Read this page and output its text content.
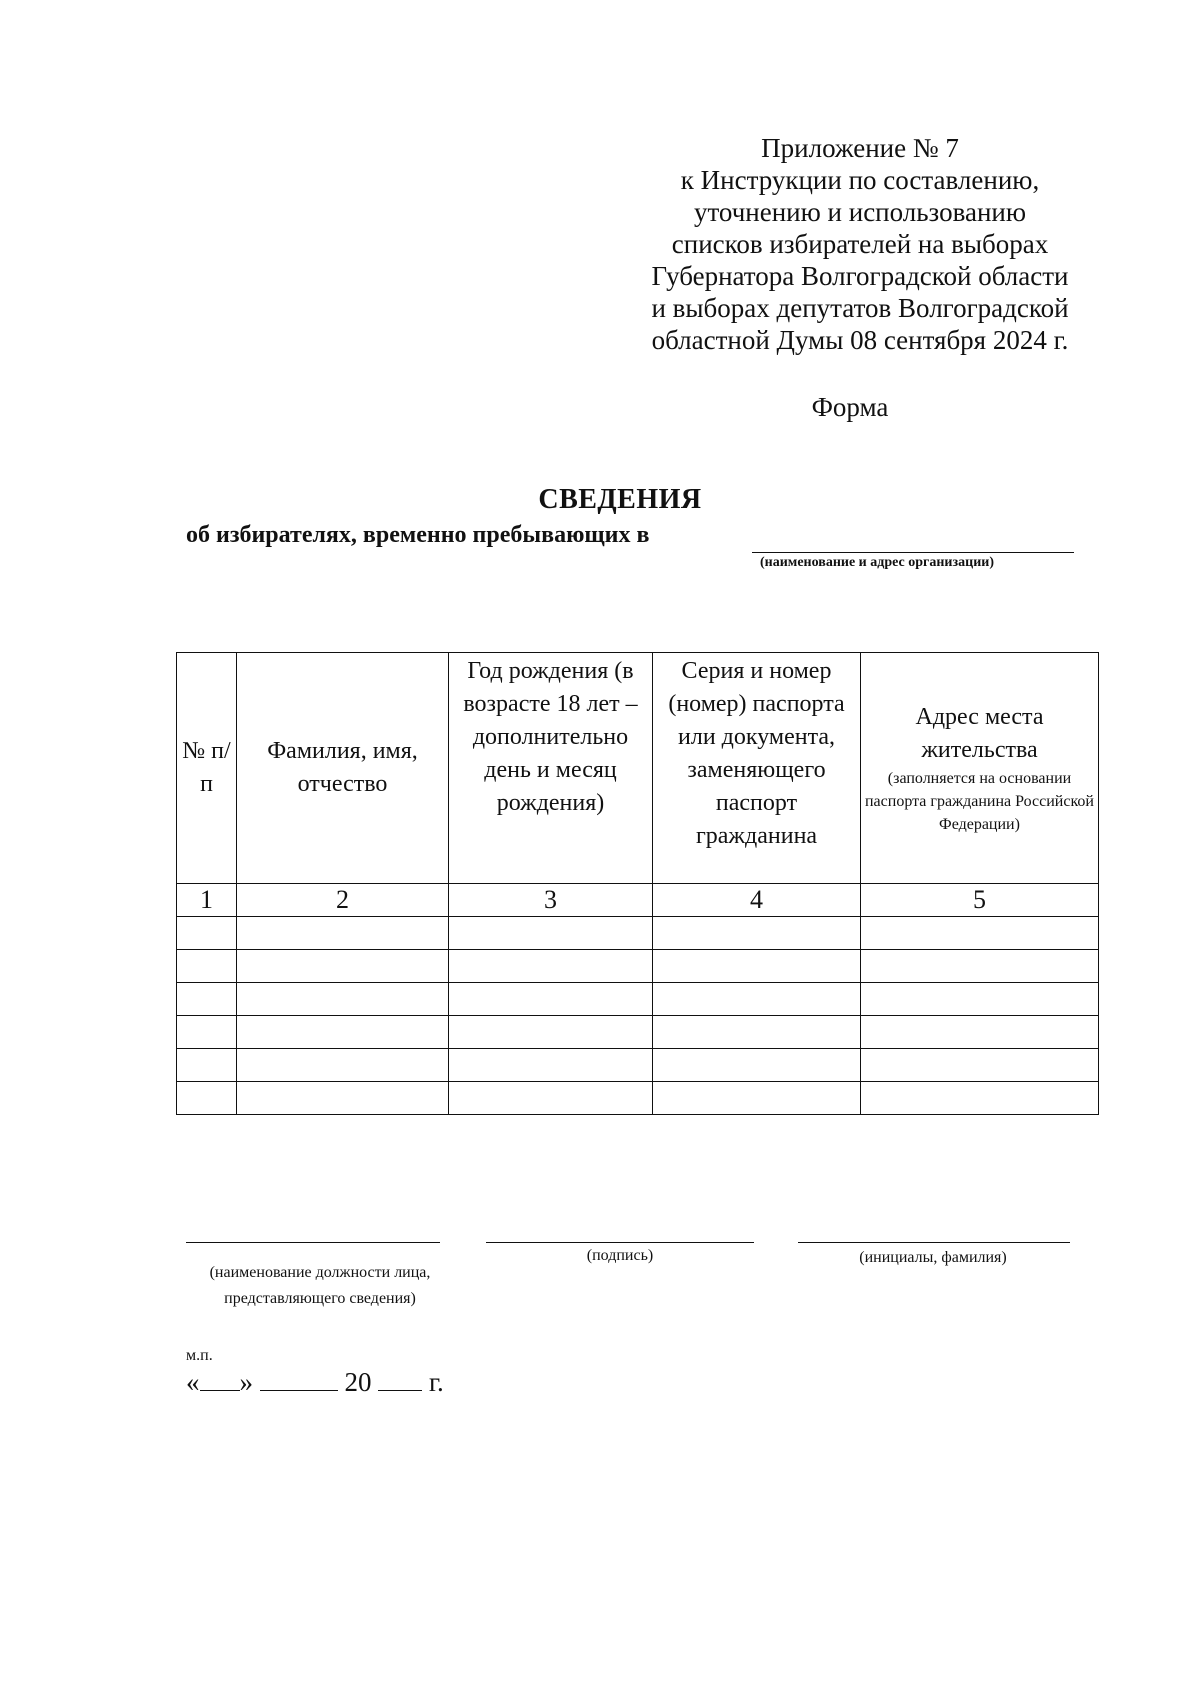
Приложение № 7
к Инструкции по составлению,
уточнению и использованию
списков избирателей на выборах
Губернатора Волгоградской области
и выборах депутатов Волгоградской
областной Думы 08 сентября 2024 г.
Форма
СВЕДЕНИЯ
об избирателях, временно пребывающих в
(наименование и адрес организации)
№ п/п	Фамилия, имя, отчество	Год рождения (в возрасте 18 лет – дополнительно день и месяц рождения)	Серия и номер (номер) паспорта или документа, заменяющего паспорт гражданина	Адрес места жительства
(заполняется на основании паспорта гражданина Российской Федерации)

1	2	3	4	5

(наименование должности лица, представляющего сведения)
(подпись)	(инициалы, фамилия)
м.п.
« »	20 г.
